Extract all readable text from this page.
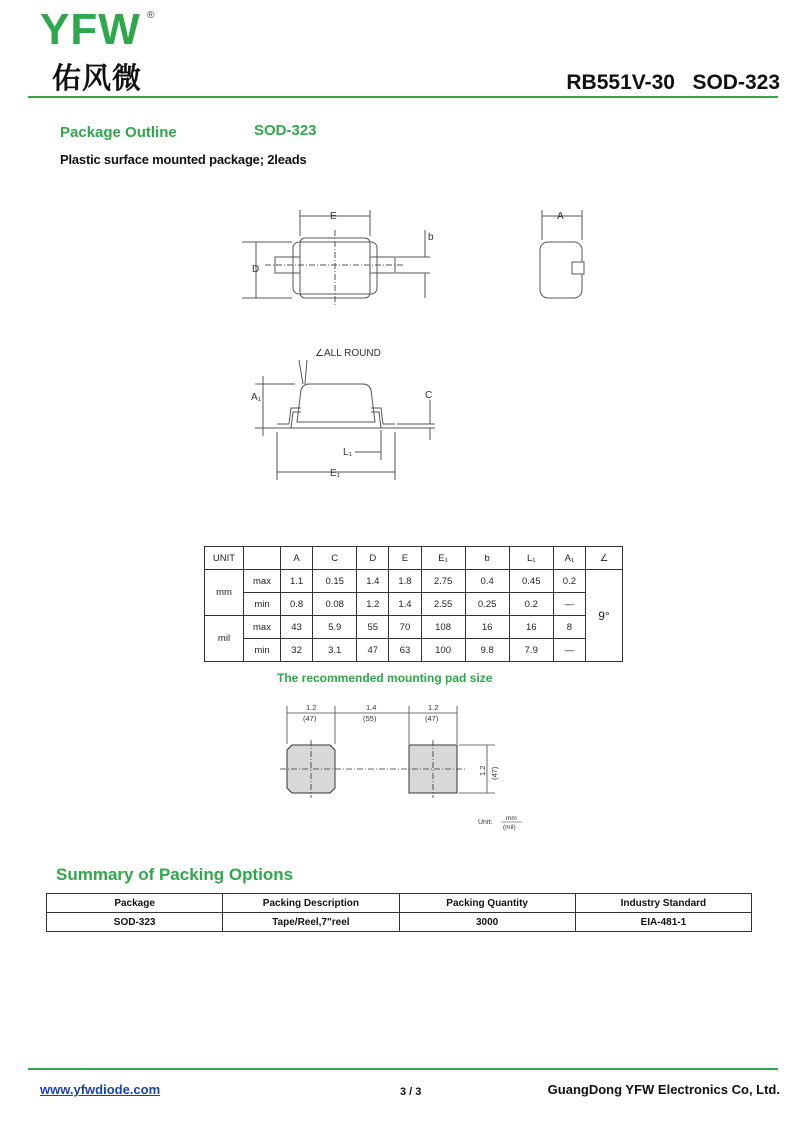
YFW ®
佑风微	RB551V-30   SOD-323
Package Outline	SOD-323
Plastic surface mounted package; 2leads
E
D
b
A
∠ALL ROUND
A₁	C
L₁
E₁
UNIT		A	C	D	E	E₁	b	L₁	A₁	∠
mm	max	1.1	0.15	1.4	1.8	2.75	0.4	0.45	0.2	9°
	min	0.8	0.08	1.2	1.4	2.55	0.25	0.2	—	
mil	max	43	5.9	55	70	108	16	16	8	
	min	32	3.1	47	63	100	9.8	7.9	—	
The recommended mounting pad size
1.2
(47)
1.4
(55)
1.2
(47)
1.2 (47)
Unit:
mm
(mil)
Summary of Packing Options
Package	Packing Description	Packing Quantity	Industry Standard
SOD-323	Tape/Reel,7"reel	3000	EIA-481-1
www.yfwdiode.com	3 / 3	GuangDong YFW Electronics Co, Ltd.
